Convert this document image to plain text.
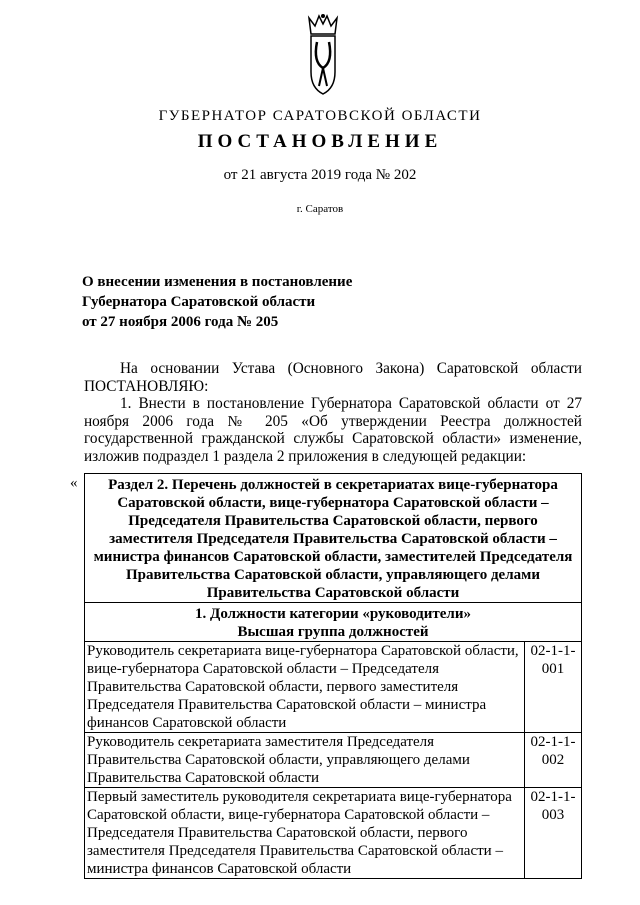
ГУБЕРНАТОР САРАТОВСКОЙ ОБЛАСТИ
ПОСТАНОВЛЕНИЕ
от 21 августа 2019 года № 202
г. Саратов
О внесении изменения в постановление
Губернатора Саратовской области
от 27 ноября 2006 года № 205

На основании Устава (Основного Закона) Саратовской области

ПОСТАНОВЛЯЮ:

1. Внести в постановление Губернатора Саратовской области от 27 ноября 2006 года № 205 «Об утверждении Реестра должностей государственной гражданской службы Саратовской области» изменение, изложив подраздел 1 раздела 2 приложения в следующей редакции:

« Раздел 2. Перечень должностей в секретариатах вице-губернатора Саратовской области, вице-губернатора Саратовской области – Председателя Правительства Саратовской области, первого заместителя Председателя Правительства Саратовской области – министра финансов Саратовской области, заместителей Председателя Правительства Саратовской области, управляющего делами Правительства Саратовской области	

1. Должности категории «руководители»
Высшая группа должностей	

Руководитель секретариата вице-губернатора Саратовской области, вице-губернатора Саратовской области – Председателя Правительства Саратовской области, первого заместителя Председателя Правительства Саратовской области – министра финансов Саратовской области	02-1-1-001
Руководитель секретариата заместителя Председателя Правительства Саратовской области, управляющего делами Правительства Саратовской области	02-1-1-002
Первый заместитель руководителя секретариата вице-губернатора Саратовской области, вице-губернатора Саратовской области – Председателя Правительства Саратовской области, первого заместителя Председателя Правительства Саратовской области – министра финансов Саратовской области	02-1-1-003
